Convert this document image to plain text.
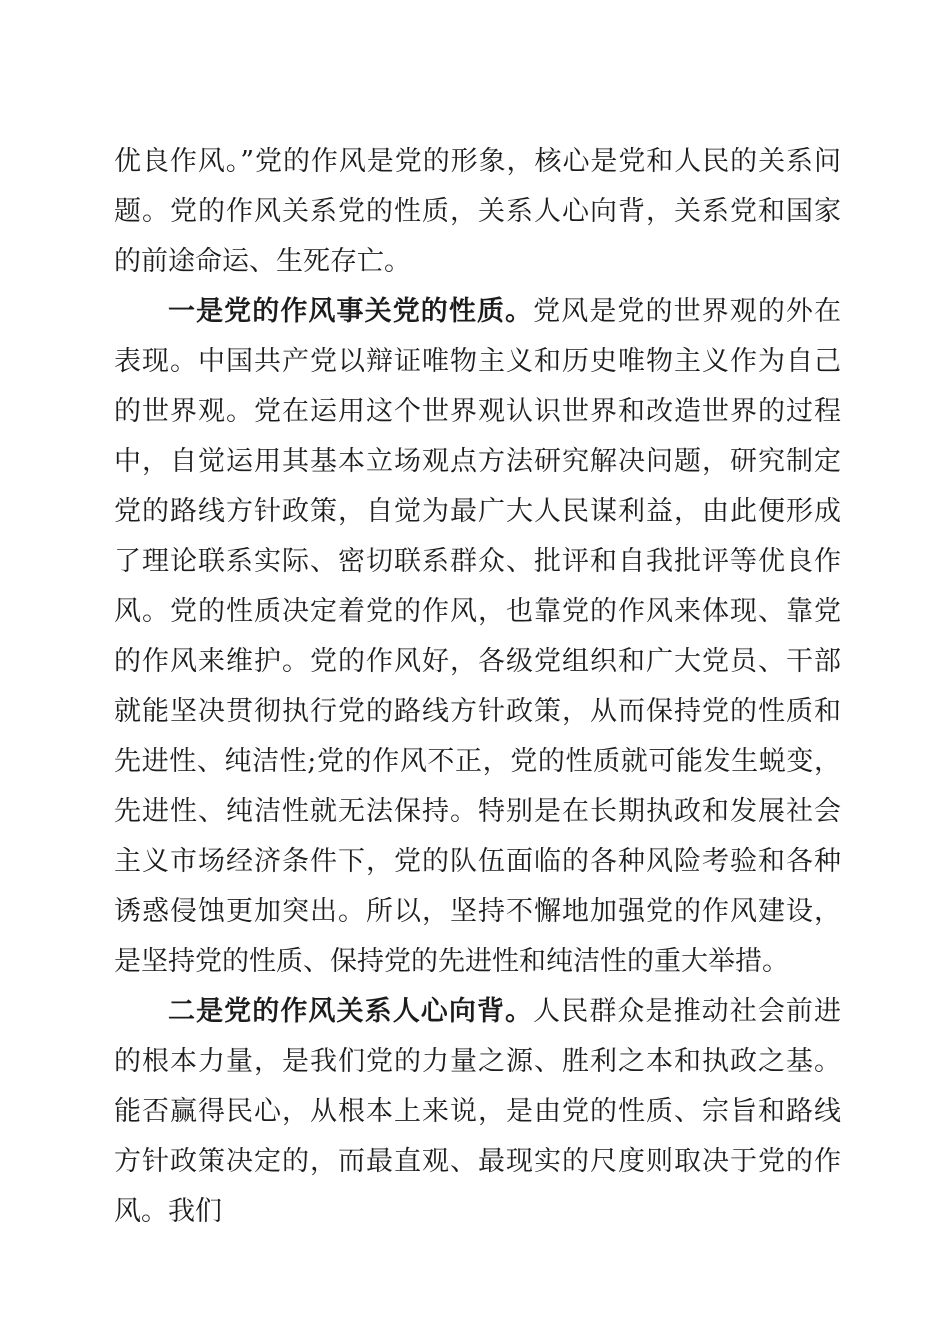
优良作风。”党的作风是党的形象，核心是党和人民的关系问题。党的作风关系党的性质，关系人心向背，关系党和国家的前途命运、生死存亡。

一是党的作风事关党的性质。党风是党的世界观的外在表现。中国共产党以辩证唯物主义和历史唯物主义作为自己的世界观。党在运用这个世界观认识世界和改造世界的过程中，自觉运用其基本立场观点方法研究解决问题，研究制定党的路线方针政策，自觉为最广大人民谋利益，由此便形成了理论联系实际、密切联系群众、批评和自我批评等优良作风。党的性质决定着党的作风，也靠党的作风来体现、靠党的作风来维护。党的作风好，各级党组织和广大党员、干部就能坚决贯彻执行党的路线方针政策，从而保持党的性质和先进性、纯洁性;党的作风不正，党的性质就可能发生蜕变，先进性、纯洁性就无法保持。特别是在长期执政和发展社会主义市场经济条件下，党的队伍面临的各种风险考验和各种诱惑侵蚀更加突出。所以，坚持不懈地加强党的作风建设，是坚持党的性质、保持党的先进性和纯洁性的重大举措。

二是党的作风关系人心向背。人民群众是推动社会前进的根本力量，是我们党的力量之源、胜利之本和执政之基。能否赢得民心，从根本上来说，是由党的性质、宗旨和路线方针政策决定的，而最直观、最现实的尺度则取决于党的作风。我们
